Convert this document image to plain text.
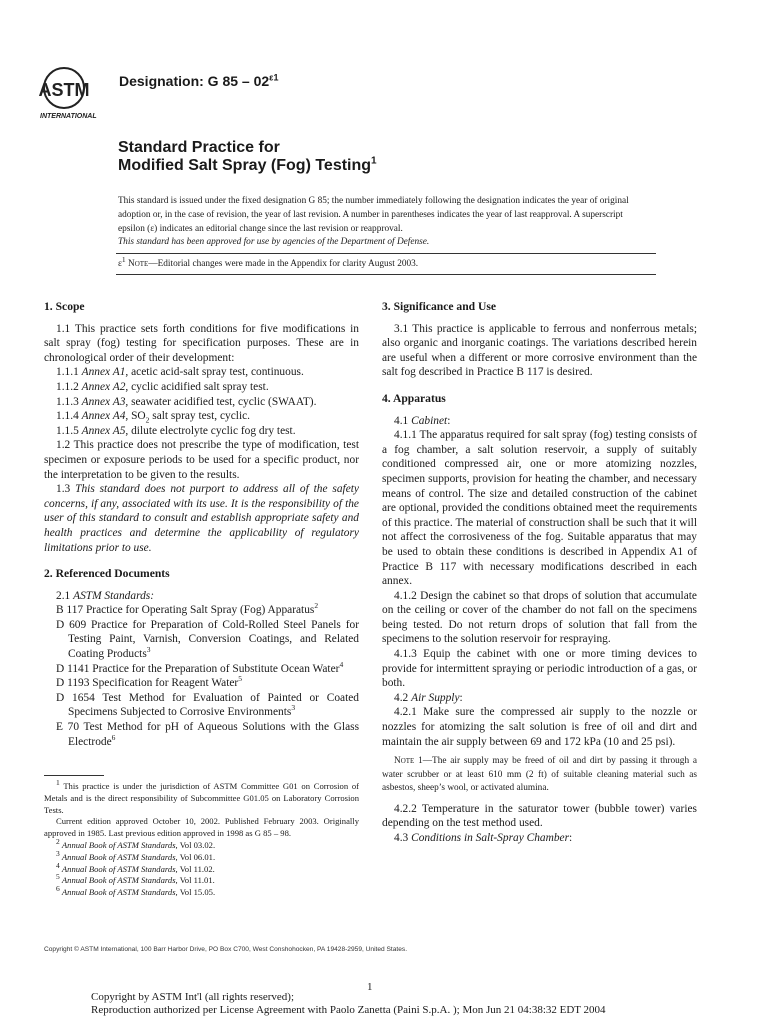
ASTM
INTERNATIONAL
Designation: G $85 - 02^{\varepsilon 1}$
Standard Practice for
Modified Salt Spray (Fog) Testing$^1$
This standard is issued under the fixed designation G 85; the number immediately following the designation indicates the year of original adoption or, in the case of revision, the year of last revision. A number in parentheses indicates the year of last reapproval. A superscript epsilon (ε) indicates an editorial change since the last revision or reapproval.
This standard has been approved for use by agencies of the Department of Defense.
$\varepsilon^1$ Note—Editorial changes were made in the Appendix for clarity August 2003.
1. Scope

1.1 This practice sets forth conditions for five modifications in salt spray (fog) testing for specification purposes. These are in chronological order of their development:

1.1.1 Annex A1, acetic acid-salt spray test, continuous.

1.1.2 Annex A2, cyclic acidified salt spray test.

1.1.3 Annex A3, seawater acidified test, cyclic (SWAAT).

1.1.4 Annex A4, $SO_2$ salt spray test, cyclic.

1.1.5 Annex A5, dilute electrolyte cyclic fog dry test.

1.2 This practice does not prescribe the type of modification, test specimen or exposure periods to be used for a specific product, nor the interpretation to be given to the results.

1.3 This standard does not purport to address all of the safety concerns, if any, associated with its use. It is the responsibility of the user of this standard to consult and establish appropriate safety and health practices and determine the applicability of regulatory limitations prior to use.

2. Referenced Documents

2.1 ASTM Standards:

B 117 Practice for Operating Salt Spray (Fog) Apparatus$^2$

D 609 Practice for Preparation of Cold-Rolled Steel Panels for Testing Paint, Varnish, Conversion Coatings, and Related Coating Products$^3$

D 1141 Practice for the Preparation of Substitute Ocean Water$^4$

D 1193 Specification for Reagent Water$^5$

D 1654 Test Method for Evaluation of Painted or Coated Specimens Subjected to Corrosive Environments$^3$

E 70 Test Method for pH of Aqueous Solutions with the Glass Electrode$^6$

$^1$ This practice is under the jurisdiction of ASTM Committee G01 on Corrosion of Metals and is the direct responsibility of Subcommittee G01.05 on Laboratory Corrosion Tests.

Current edition approved October 10, 2002. Published February 2003. Originally approved in 1985. Last previous edition approved in 1998 as G 85 – 98.

$^2$ Annual Book of ASTM Standards, Vol 03.02.

$^3$ Annual Book of ASTM Standards, Vol 06.01.

$^4$ Annual Book of ASTM Standards, Vol 11.02.

$^5$ Annual Book of ASTM Standards, Vol 11.01.

$^6$ Annual Book of ASTM Standards, Vol 15.05.

3. Significance and Use

3.1 This practice is applicable to ferrous and nonferrous metals; also organic and inorganic coatings. The variations described herein are useful when a different or more corrosive environment than the salt fog described in Practice B 117 is desired.

4. Apparatus

4.1 Cabinet:

4.1.1 The apparatus required for salt spray (fog) testing consists of a fog chamber, a salt solution reservoir, a supply of suitably conditioned compressed air, one or more atomizing nozzles, specimen supports, provision for heating the chamber, and necessary means of control. The size and detailed construction of the cabinet are optional, provided the conditions obtained meet the requirements of this practice. The material of construction shall be such that it will not affect the corrosiveness of the fog. Suitable apparatus that may be used to obtain these conditions is described in Appendix A1 of Practice B 117 with necessary modifications described in each annex.

4.1.2 Design the cabinet so that drops of solution that accumulate on the ceiling or cover of the chamber do not fall on the specimens being tested. Do not return drops of solution that fall from the specimens to the solution reservoir for respraying.

4.1.3 Equip the cabinet with one or more timing devices to provide for intermittent spraying or periodic introduction of a gas, or both.

4.2 Air Supply:

4.2.1 Make sure the compressed air supply to the nozzle or nozzles for atomizing the salt solution is free of oil and dirt and maintain the air supply between 69 and 172 kPa (10 and 25 psi).

Note 1—The air supply may be freed of oil and dirt by passing it through a water scrubber or at least 610 mm (2 ft) of suitable cleaning material such as asbestos, sheep’s wool, or activated alumina.

4.2.2 Temperature in the saturator tower (bubble tower) varies depending on the test method used.

4.3 Conditions in Salt-Spray Chamber:

Copyright © ASTM International, 100 Barr Harbor Drive, PO Box C700, West Conshohocken, PA 19428-2959, United States.
1
Copyright by ASTM Int'l (all rights reserved);
Reproduction authorized per License Agreement with Paolo Zanetta (Paini S.p.A. ); Mon Jun 21 04:38:32 EDT 2004
